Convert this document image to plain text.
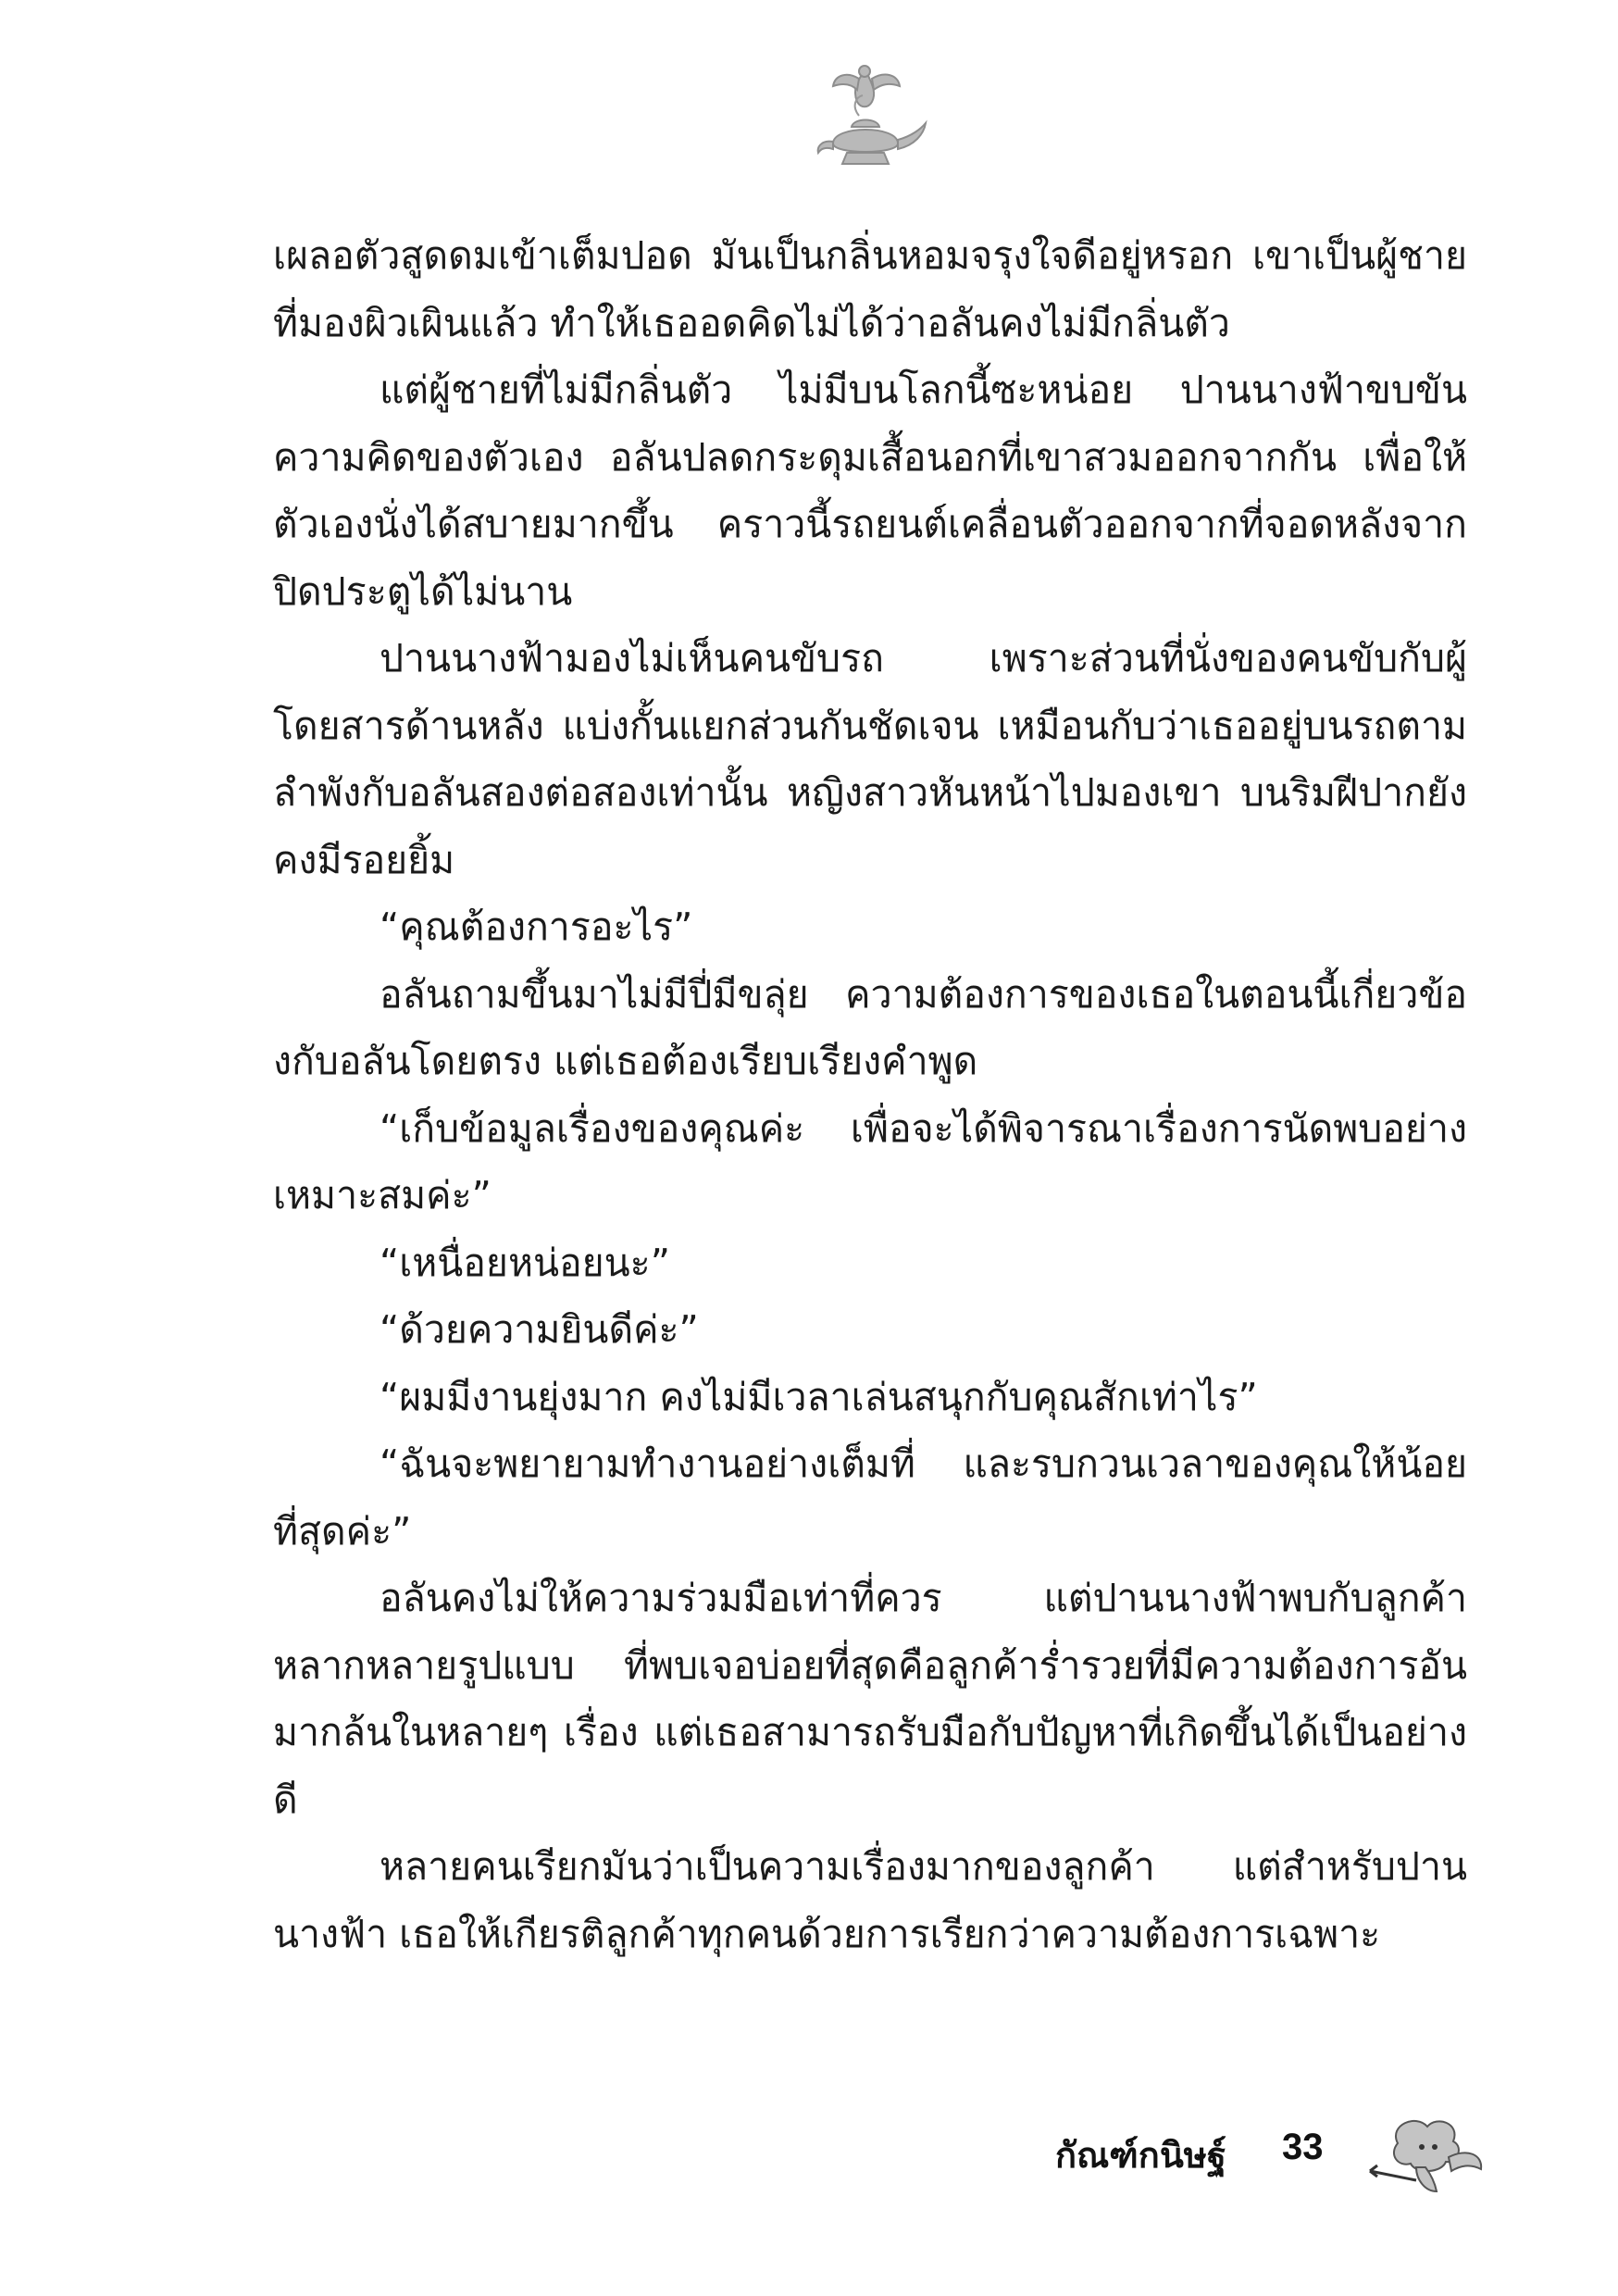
เผลอตัวสูดดมเข้าเต็มปอด มันเป็นกลิ่นหอมจรุงใจดีอยู่หรอก เขาเป็นผู้ชายที่มองผิวเผินแล้ว ทำให้เธออดคิดไม่ได้ว่าอลันคงไม่มีกลิ่นตัว

แต่ผู้ชายที่ไม่มีกลิ่นตัว ไม่มีบนโลกนี้ซะหน่อย ปานนางฟ้าขบขันความคิดของตัวเอง อลันปลดกระดุมเสื้อนอกที่เขาสวมออกจากกัน เพื่อให้ตัวเองนั่งได้สบายมากขึ้น คราวนี้รถยนต์เคลื่อนตัวออกจากที่จอดหลังจากปิดประตูได้ไม่นาน

ปานนางฟ้ามองไม่เห็นคนขับรถ เพราะส่วนที่นั่งของคนขับกับผู้โดยสารด้านหลัง แบ่งกั้นแยกส่วนกันชัดเจน เหมือนกับว่าเธออยู่บนรถตามลำพังกับอลันสองต่อสองเท่านั้น หญิงสาวหันหน้าไปมองเขา บนริมฝีปากยังคงมีรอยยิ้ม

“คุณต้องการอะไร”

อลันถามขึ้นมาไม่มีปี่มีขลุ่ย ความต้องการของเธอในตอนนี้เกี่ยวข้องกับอลันโดยตรง แต่เธอต้องเรียบเรียงคำพูด

“เก็บข้อมูลเรื่องของคุณค่ะ เพื่อจะได้พิจารณาเรื่องการนัดพบอย่างเหมาะสมค่ะ”

“เหนื่อยหน่อยนะ”

“ด้วยความยินดีค่ะ”

“ผมมีงานยุ่งมาก คงไม่มีเวลาเล่นสนุกกับคุณสักเท่าไร”

“ฉันจะพยายามทำงานอย่างเต็มที่ และรบกวนเวลาของคุณให้น้อยที่สุดค่ะ”

อลันคงไม่ให้ความร่วมมือเท่าที่ควร แต่ปานนางฟ้าพบกับลูกค้าหลากหลายรูปแบบ ที่พบเจอบ่อยที่สุดคือลูกค้าร่ำรวยที่มีความต้องการอันมากล้นในหลายๆ เรื่อง แต่เธอสามารถรับมือกับปัญหาที่เกิดขึ้นได้เป็นอย่างดี

หลายคนเรียกมันว่าเป็นความเรื่องมากของลูกค้า แต่สำหรับปานนางฟ้า เธอให้เกียรติลูกค้าทุกคนด้วยการเรียกว่าความต้องการเฉพาะ

กัณฑ์กนิษฐ์ 33
